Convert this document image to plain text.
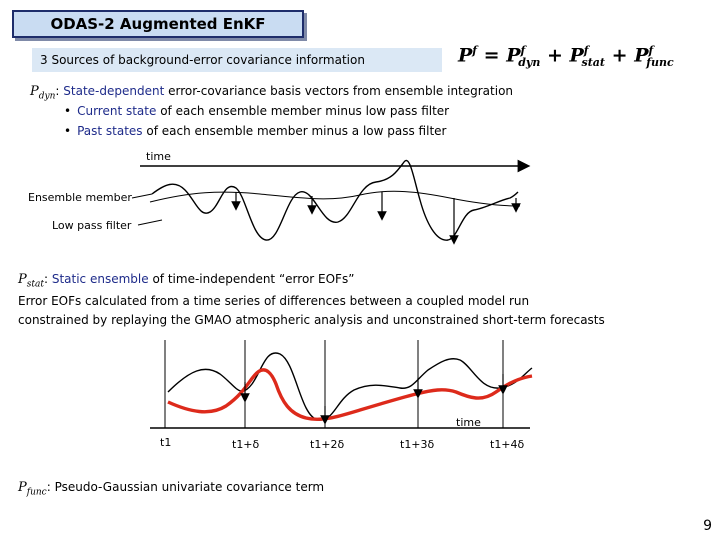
ODAS-2 Augmented EnKF
3 Sources of background-error covariance information	$P^f = P^f_{dyn} + P^f_{stat} + P^f_{func}$
$P_{dyn}$: State-dependent error-covariance basis vectors from ensemble integration
• Current state of each ensemble member minus low pass filter
• Past states of each ensemble member minus a low pass filter
time
Ensemble member
Low pass filter
$P_{stat}$: Static ensemble of time-independent “error EOFs”
Error EOFs calculated from a time series of differences between a coupled model run
constrained by replaying the GMAO atmospheric analysis and unconstrained short-term forecasts
time
t1	t1+δ	t1+2δ	t1+3δ	t1+4δ
$P_{func}$: Pseudo-Gaussian univariate covariance term
9
